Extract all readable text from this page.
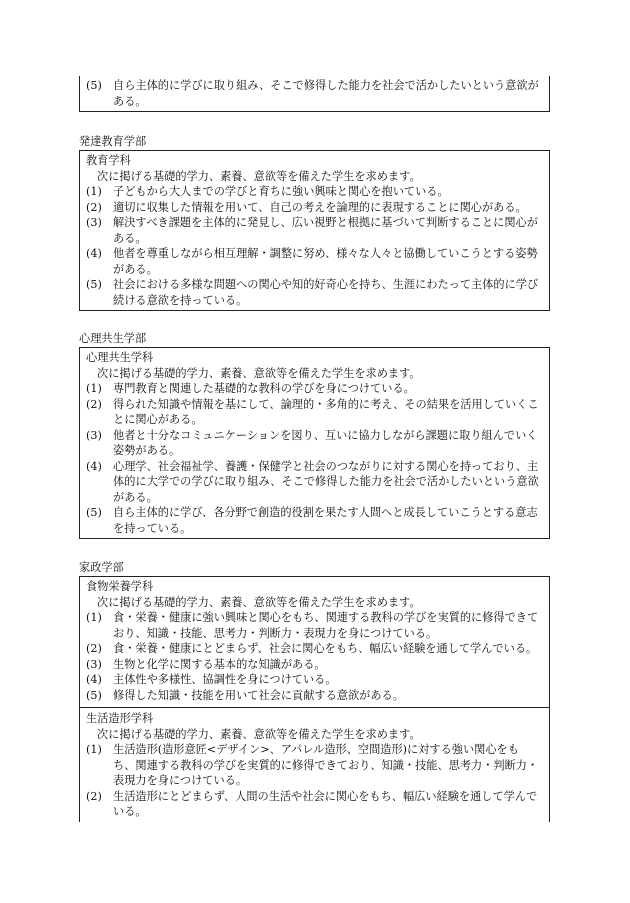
(5) 自ら主体的に学びに取り組み、そこで修得した能力を社会で活かしたいという意欲がある。
発達教育学部

教育学科

次に掲げる基礎的学力、素養、意欲等を備えた学生を求めます。

(1) 子どもから大人までの学びと育ちに強い興味と関心を抱いている。
(2) 適切に収集した情報を用いて、自己の考えを論理的に表現することに関心がある。
(3) 解決すべき課題を主体的に発見し、広い視野と根拠に基づいて判断することに関心がある。
(4) 他者を尊重しながら相互理解・調整に努め、様々な人々と協働していこうとする姿勢がある。
(5) 社会における多様な問題への関心や知的好奇心を持ち、生涯にわたって主体的に学び続ける意欲を持っている。
心理共生学部

心理共生学科

次に掲げる基礎的学力、素養、意欲等を備えた学生を求めます。

(1) 専門教育と関連した基礎的な教科の学びを身につけている。
(2) 得られた知識や情報を基にして、論理的・多角的に考え、その結果を活用していくことに関心がある。
(3) 他者と十分なコミュニケーションを図り、互いに協力しながら課題に取り組んでいく姿勢がある。
(4) 心理学、社会福祉学、養護・保健学と社会のつながりに対する関心を持っており、主体的に大学での学びに取り組み、そこで修得した能力を社会で活かしたいという意欲がある。
(5) 自ら主体的に学び、各分野で創造的役割を果たす人間へと成長していこうとする意志を持っている。
家政学部

食物栄養学科

次に掲げる基礎的学力、素養、意欲等を備えた学生を求めます。

(1) 食・栄養・健康に強い興味と関心をもち、関連する教科の学びを実質的に修得できており、知識・技能、思考力・判断力・表現力を身につけている。
(2) 食・栄養・健康にとどまらず、社会に関心をもち、幅広い経験を通して学んでいる。
(3) 生物と化学に関する基本的な知識がある。
(4) 主体性や多様性、協調性を身につけている。
(5) 修得した知識・技能を用いて社会に貢献する意欲がある。

生活造形学科

次に掲げる基礎的学力、素養、意欲等を備えた学生を求めます。

(1) 生活造形(造形意匠<デザイン>、アパレル造形、空間造形)に対する強い関心をもち、関連する教科の学びを実質的に修得できており、知識・技能、思考力・判断力・表現力を身につけている。
(2) 生活造形にとどまらず、人間の生活や社会に関心をもち、幅広い経験を通して学んでいる。
